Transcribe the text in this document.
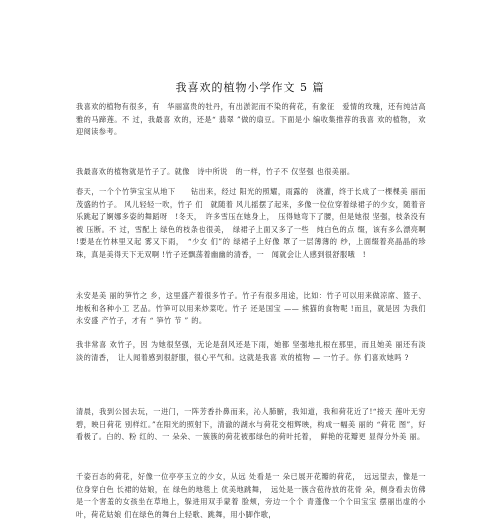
我喜欢的植物小学作文 5 篇

我喜欢的植物有很多，有　华丽富贵的牡丹，有出淤泥而不染的荷花，有象征　爱情的玫瑰，还有纯洁高雅的马蹄莲。不 过，我最喜 欢的，还是“ 翡翠 ”做的扇豆。下面是小 编收集推荐的我喜 欢的植物， 欢迎阅读参考。

我最喜欢的植物就是竹子了。就像　诗中所说　的一样，竹子不 仅坚强 也很美丽。

春天，一个个竹笋宝宝从地下　　钻出来，经过 阳光的照耀，雨露的　浇灌，终于长成了一棵棵美 丽而茂盛的竹子。 风儿轻轻一吹，竹子 们　就随着 风儿摇摆了起来，多像一位位穿着绿裙子的少女，随着音　乐跳起了婀娜多姿的舞蹈呀　!冬天，　许多雪压在她身上，　压得她弯下了腰，但是她很 坚强，枝条没有被 压断。不 过，雪配上 绿色的枝条也很美，　绿裙子上面又多了一些　纯白色的点 缀，该有多么漂亮啊 !要是在竹林里又起 雾又下雨，　“少女 们”的 绿裙子上好像 罩了一层薄薄的 纱，上面缀着亮晶晶的珍珠，真是美得天下无双啊 !竹子还飘荡着幽幽的清香，一　闻就会让人感到很舒服哦　!

永安是美 丽的笋竹之 乡，这里盛产着很多竹子。竹子有很多用途，比如：竹子可以用来做凉席、篮子、地板和各种小工 艺品。竹笋可以用来炒菜吃。竹子 还是国宝 —— 熊猫的食物呢 !而且，就是因 为我们永安盛 产竹子，才有 “ 笋竹 节 ” 的。

我非常喜 欢竹子，因 为她很坚强，无论是刮风还是下雨，她都 坚强地扎根在那里，而且她美 丽还有淡淡的清香，　让人闻着感到很舒服，很心平气和。这就是我喜 欢的植物 — 一竹子。你 们喜欢她吗 ?

清晨，我到公园去玩，一进门，一阵芳香扑鼻而来，沁人肺腑，我知道，我和荷花近了!“接天 莲叶无穷碧，映日荷花 别样红。”在阳光的照射下，清澈的湖水与荷花交相辉映，构成一幅美 丽的 “荷花 图”，好看极了。白的、粉 红的、一 朵朵、一簇簇的荷花被那绿色的荷叶托着，　鲜艳的花瓣更 显得分外美 丽。

千姿百态的荷花，好像一位亭亭玉立的少女，从远 处看是一 朵已展开花瓣的荷花，　远远望去，像是一位身穿白色 长裙的姑娘，在 绿色的地毯上 优美地跳舞，　远处是一簇含苞待放的花骨 朵，侧身看去仿佛是一个害羞的女孩坐在草地上，躲进用双手蒙着 脸颊，旁边一个个 青蓬像一个个田宝宝 摆丽出虚的小叶，荷花姑娘 们在绿色的舞台上轻歌、跳舞，用小脚作歌，
